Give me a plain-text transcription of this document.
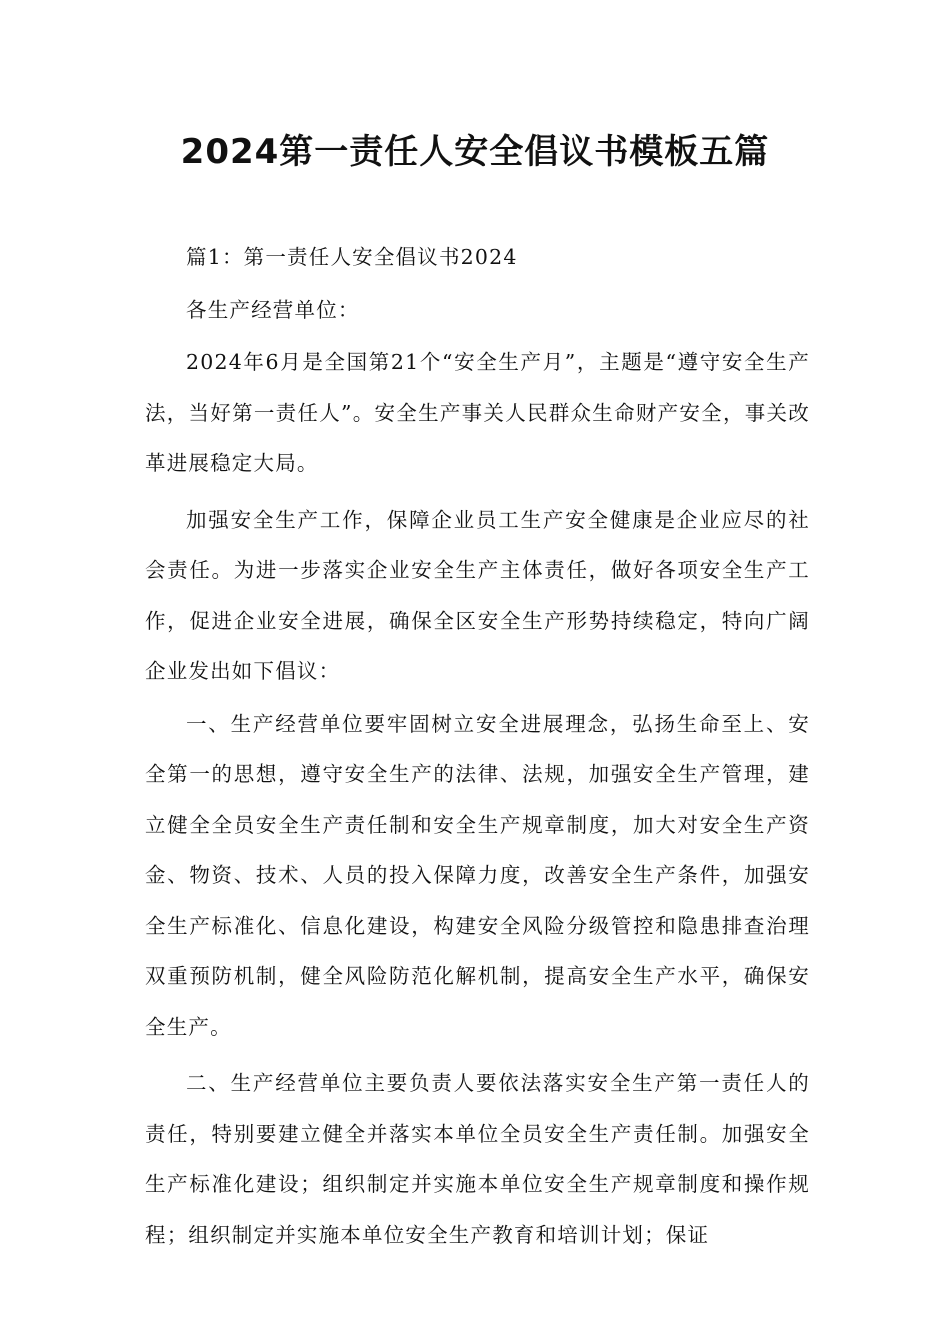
2024第一责任人安全倡议书模板五篇

篇1：第一责任人安全倡议书2024

各生产经营单位：

2024年6月是全国第21个“安全生产月”，主题是“遵守安全生产法，当好第一责任人”。安全生产事关人民群众生命财产安全，事关改革进展稳定大局。

加强安全生产工作，保障企业员工生产安全健康是企业应尽的社会责任。为进一步落实企业安全生产主体责任，做好各项安全生产工作，促进企业安全进展，确保全区安全生产形势持续稳定，特向广阔企业发出如下倡议：

一、生产经营单位要牢固树立安全进展理念，弘扬生命至上、安全第一的思想，遵守安全生产的法律、法规，加强安全生产管理，建立健全全员安全生产责任制和安全生产规章制度，加大对安全生产资金、物资、技术、人员的投入保障力度，改善安全生产条件，加强安全生产标准化、信息化建设，构建安全风险分级管控和隐患排查治理双重预防机制，健全风险防范化解机制，提高安全生产水平，确保安全生产。

二、生产经营单位主要负责人要依法落实安全生产第一责任人的责任，特别要建立健全并落实本单位全员安全生产责任制。加强安全生产标准化建设；组织制定并实施本单位安全生产规章制度和操作规程；组织制定并实施本单位安全生产教育和培训计划；保证
